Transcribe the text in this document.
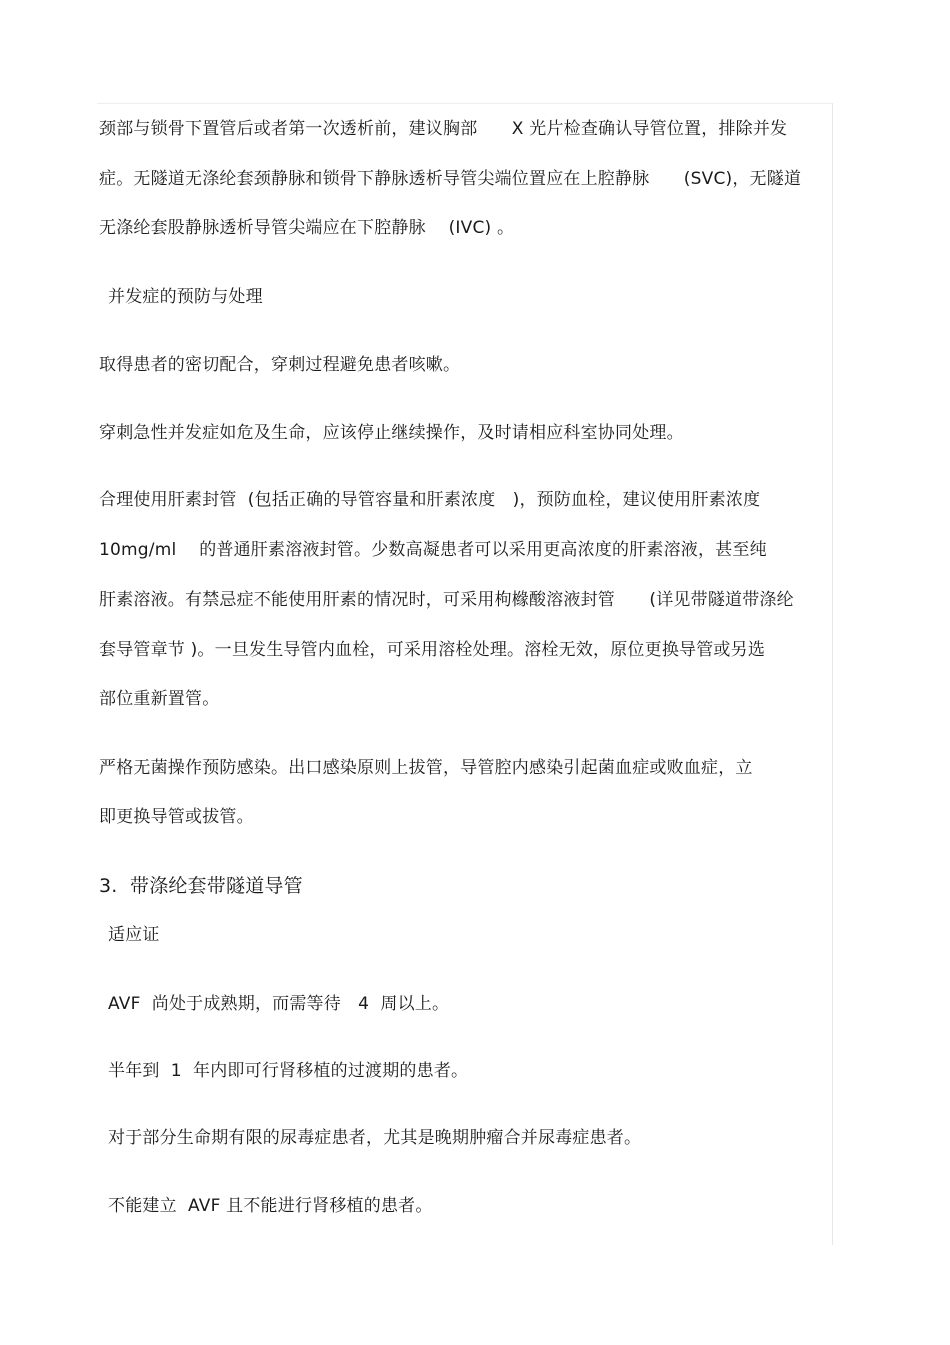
颈部与锁骨下置管后或者第一次透析前，建议胸部　　X 光片检查确认导管位置，排除并发
症。无隧道无涤纶套颈静脉和锁骨下静脉透析导管尖端位置应在上腔静脉　　(SVC)，无隧道
无涤纶套股静脉透析导管尖端应在下腔静脉　 (IVC) 。
并发症的预防与处理
取得患者的密切配合，穿刺过程避免患者咳嗽。
穿刺急性并发症如危及生命，应该停止继续操作，及时请相应科室协同处理。
合理使用肝素封管  (包括正确的导管容量和肝素浓度　)，预防血栓，建议使用肝素浓度
10mg/ml　 的普通肝素溶液封管。少数高凝患者可以采用更高浓度的肝素溶液，甚至纯
肝素溶液。有禁忌症不能使用肝素的情况时，可采用枸橼酸溶液封管　　(详见带隧道带涤纶
套导管章节 )。一旦发生导管内血栓，可采用溶栓处理。溶栓无效，原位更换导管或另选
部位重新置管。
严格无菌操作预防感染。出口感染原则上拔管，导管腔内感染引起菌血症或败血症，立
即更换导管或拔管。
3.  带涤纶套带隧道导管
适应证
AVF  尚处于成熟期，而需等待　4  周以上。
半年到  1  年内即可行肾移植的过渡期的患者。
对于部分生命期有限的尿毒症患者，尤其是晚期肿瘤合并尿毒症患者。
不能建立  AVF 且不能进行肾移植的患者。
